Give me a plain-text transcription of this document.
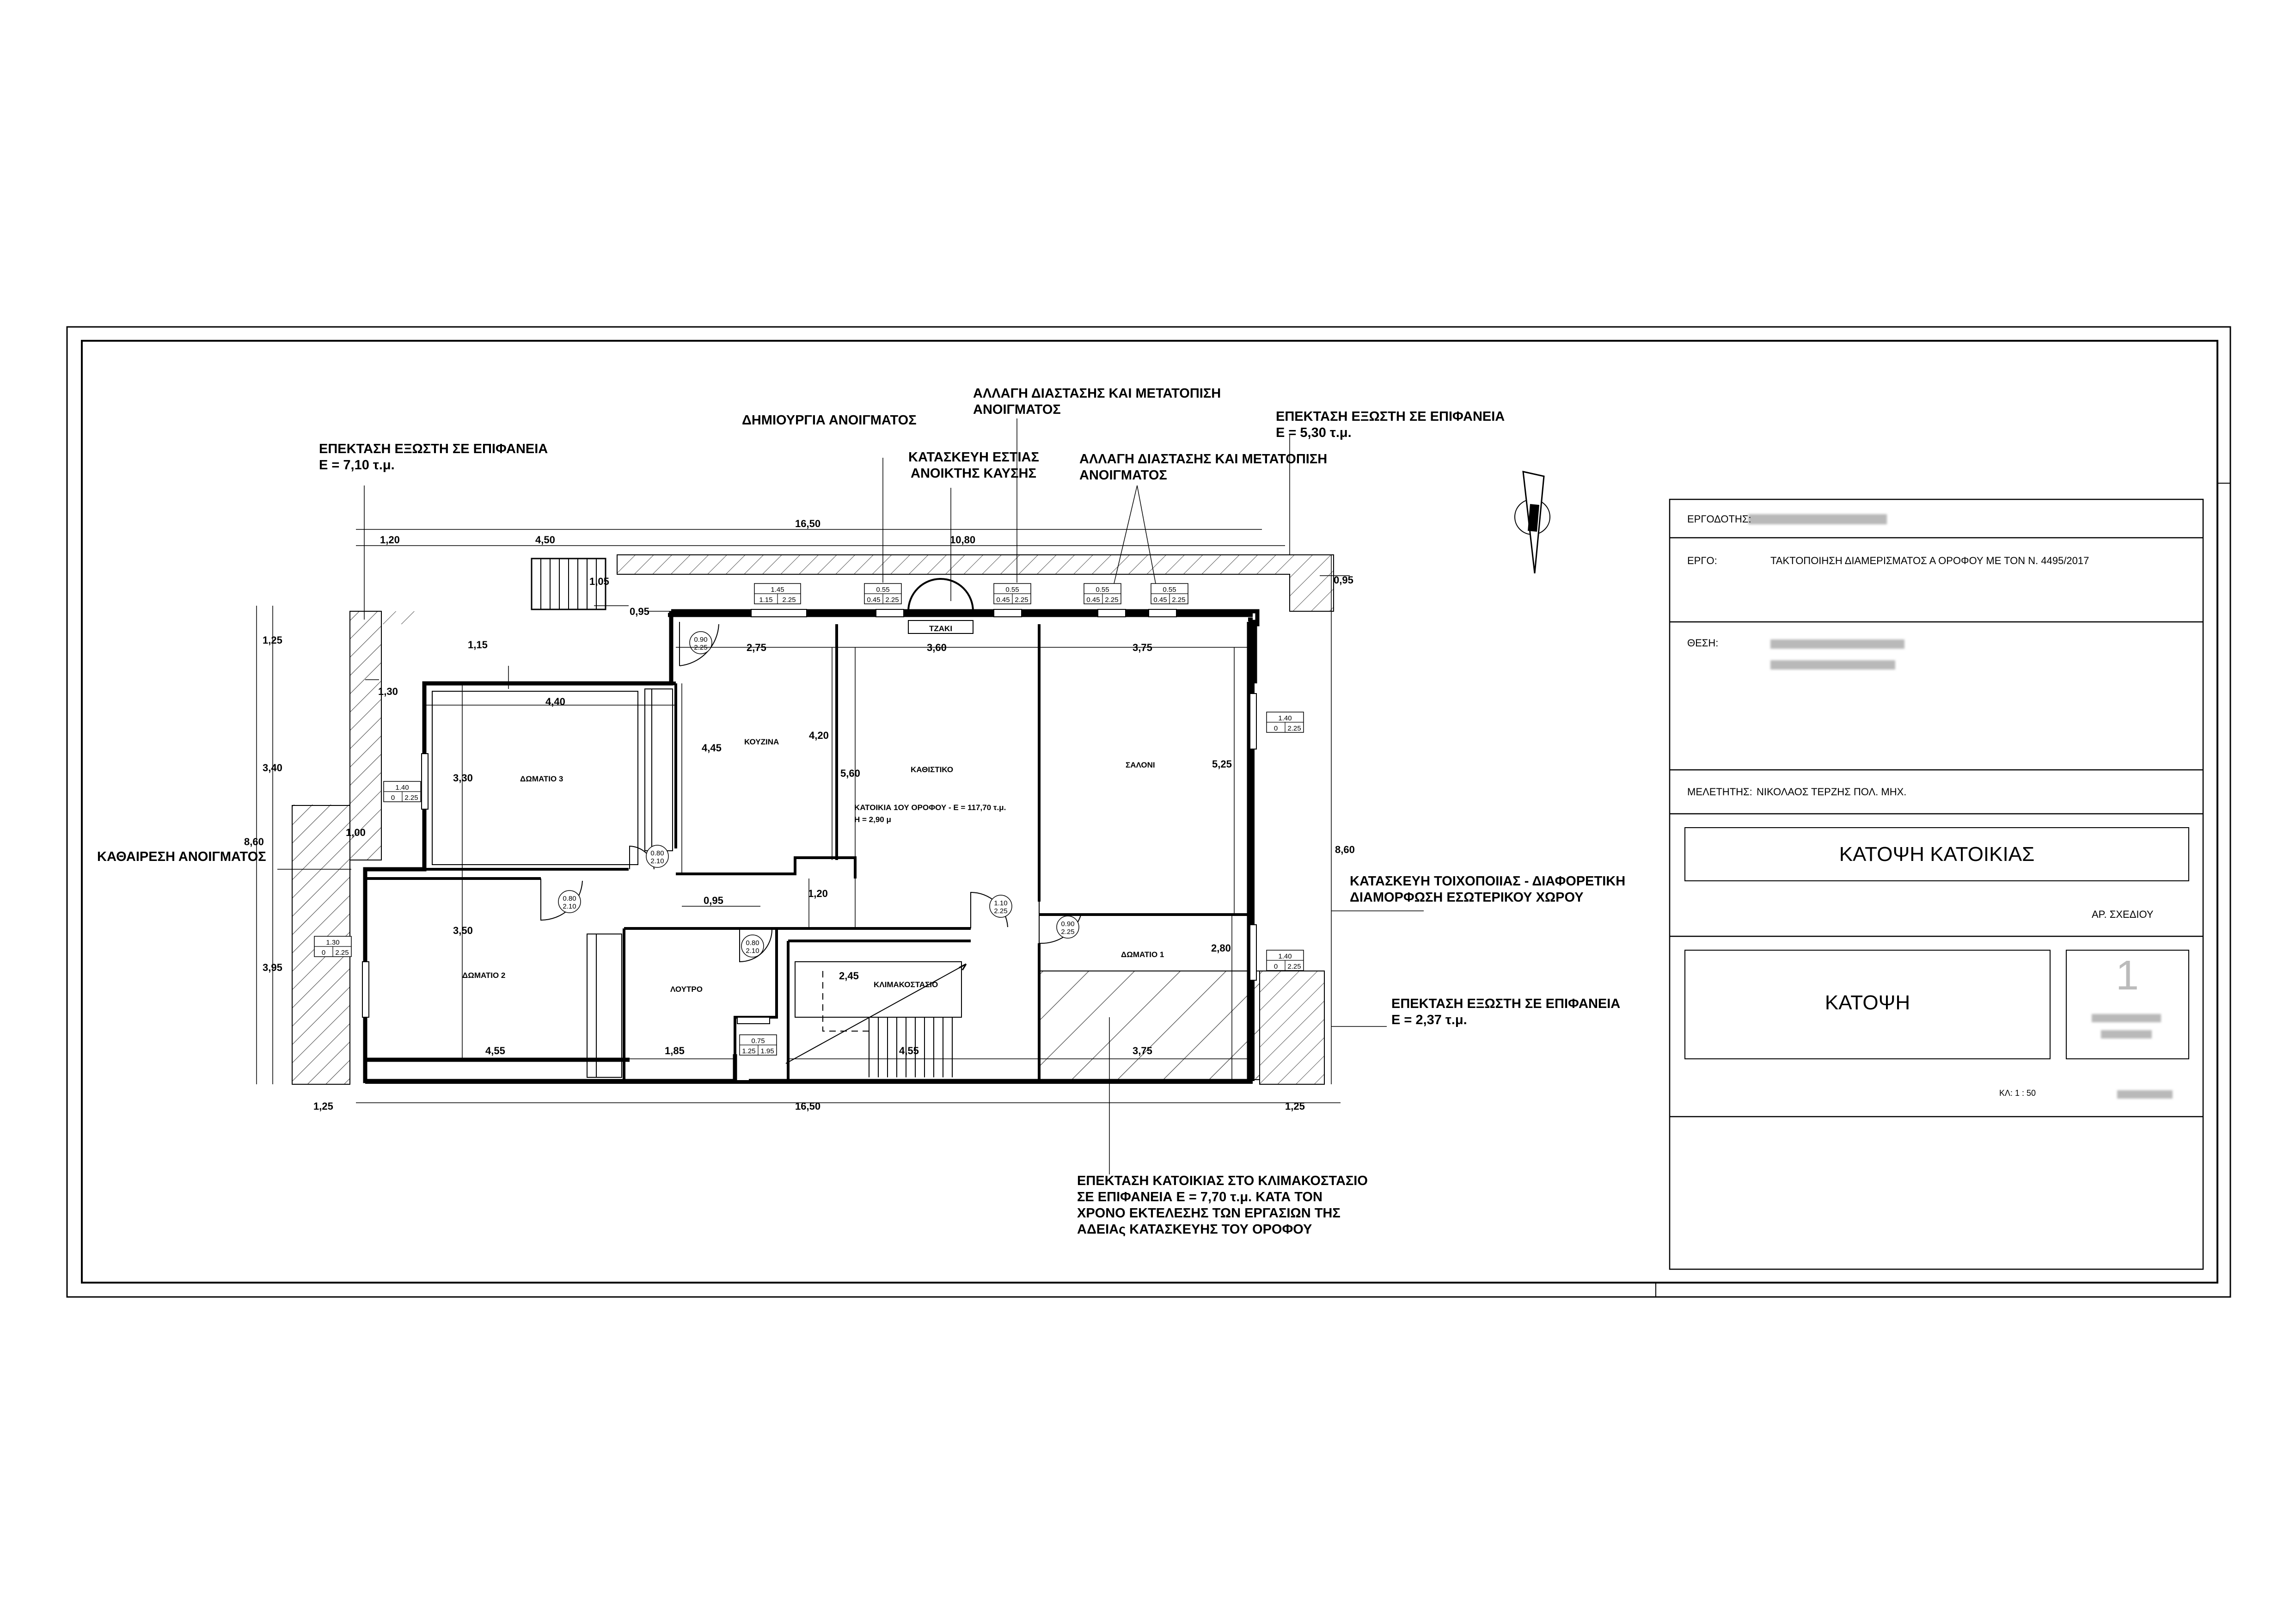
ΕΠΕΚΤΑΣΗ ΕΞΩΣΤΗ ΣΕ ΕΠΙΦΑΝΕΙΑ
Ε = 7,10 τ.μ.
ΔΗΜΙΟΥΡΓΙΑ ΑΝΟΙΓΜΑΤΟΣ
ΚΑΤΑΣΚΕΥΗ ΕΣΤΙΑΣ
ΑΝΟΙΚΤΗΣ ΚΑΥΣΗΣ
ΑΛΛΑΓΗ ΔΙΑΣΤΑΣΗΣ ΚΑΙ ΜΕΤΑΤΟΠΙΣΗ
ΑΝΟΙΓΜΑΤΟΣ
ΑΛΛΑΓΗ ΔΙΑΣΤΑΣΗΣ ΚΑΙ ΜΕΤΑΤΟΠΙΣΗ
ΑΝΟΙΓΜΑΤΟΣ
ΕΠΕΚΤΑΣΗ ΕΞΩΣΤΗ ΣΕ ΕΠΙΦΑΝΕΙΑ
Ε = 5,30 τ.μ.
ΚΑΘΑΙΡΕΣΗ ΑΝΟΙΓΜΑΤΟΣ
ΚΑΤΑΣΚΕΥΗ ΤΟΙΧΟΠΟΙΙΑΣ - ΔΙΑΦΟΡΕΤΙΚΗ
ΔΙΑΜΟΡΦΩΣΗ ΕΣΩΤΕΡΙΚΟΥ ΧΩΡΟΥ
ΕΠΕΚΤΑΣΗ ΕΞΩΣΤΗ ΣΕ ΕΠΙΦΑΝΕΙΑ
Ε = 2,37 τ.μ.
ΕΠΕΚΤΑΣΗ ΚΑΤΟΙΚΙΑΣ ΣΤΟ ΚΛΙΜΑΚΟΣΤΑΣΙΟ
ΣΕ ΕΠΙΦΑΝΕΙΑ Ε = 7,70 τ.μ. ΚΑΤΑ ΤΟΝ
ΧΡΟΝΟ ΕΚΤΕΛΕΣΗΣ ΤΩΝ ΕΡΓΑΣΙΩΝ ΤΗΣ
ΑΔΕΙΑς ΚΑΤΑΣΚΕΥΗΣ ΤΟΥ ΟΡΟΦΟΥ
ΚΟΥΖΙΝΑ
ΚΑΘΙΣΤΙΚΟ
ΣΑΛΟΝΙ
ΔΩΜΑΤΙΟ 3
ΔΩΜΑΤΙΟ 2
ΔΩΜΑΤΙΟ 1
ΛΟΥΤΡΟ
ΚΛΙΜΑΚΟΣΤΑΣΙΟ
ΤΖΑΚΙ
ΚΑΤΟΙΚΙΑ 1ΟΥ ΟΡΟΦΟΥ - Ε = 117,70 τ.μ.
Η = 2,90 μ
16,50
10,80
1,20	4,50
1,05
0,95
0,95
1,15
1,30
4,40
2,75	3,60	3,75
4,45
4,20
5,60
5,25
3,30
1,00
0,95
1,20
3,50
2,45
2,80
4,55	1,85	4,55	3,75
1,25
3,40
8,60
3,95
8,60
16,50
1,25	1,25
1.45
1.15 2.25
0.55
0.45 2.25
0.55
0.45 2.25
0.55
0.45 2.25
0.55
0.45 2.25
1.40
0 2.25
1.40
0 2.25
1.40
0 2.25
1.30
0 2.25
0.75
1.25 1.95
0.90
2.25
0.80
2.10
0.80
2.10
0.80
2.10
1.10
2.25
0.90
2.25
ΕΡΓΟΔΟΤΗΣ:
ΕΡΓΟ:	ΤΑΚΤΟΠΟΙΗΣΗ ΔΙΑΜΕΡΙΣΜΑΤΟΣ Α ΟΡΟΦΟΥ ΜΕ ΤΟΝ Ν. 4495/2017
ΘΕΣΗ:
ΜΕΛΕΤΗΤΗΣ: ΝΙΚΟΛΑΟΣ ΤΕΡΖΗΣ ΠΟΛ. ΜΗΧ.
ΑΡ. ΣΧΕΔΙΟΥ
ΚΛ: 1 : 50
ΚΑΤΟΨΗ ΚΑΤΟΙΚΙΑΣ
ΚΑΤΟΨΗ
1
